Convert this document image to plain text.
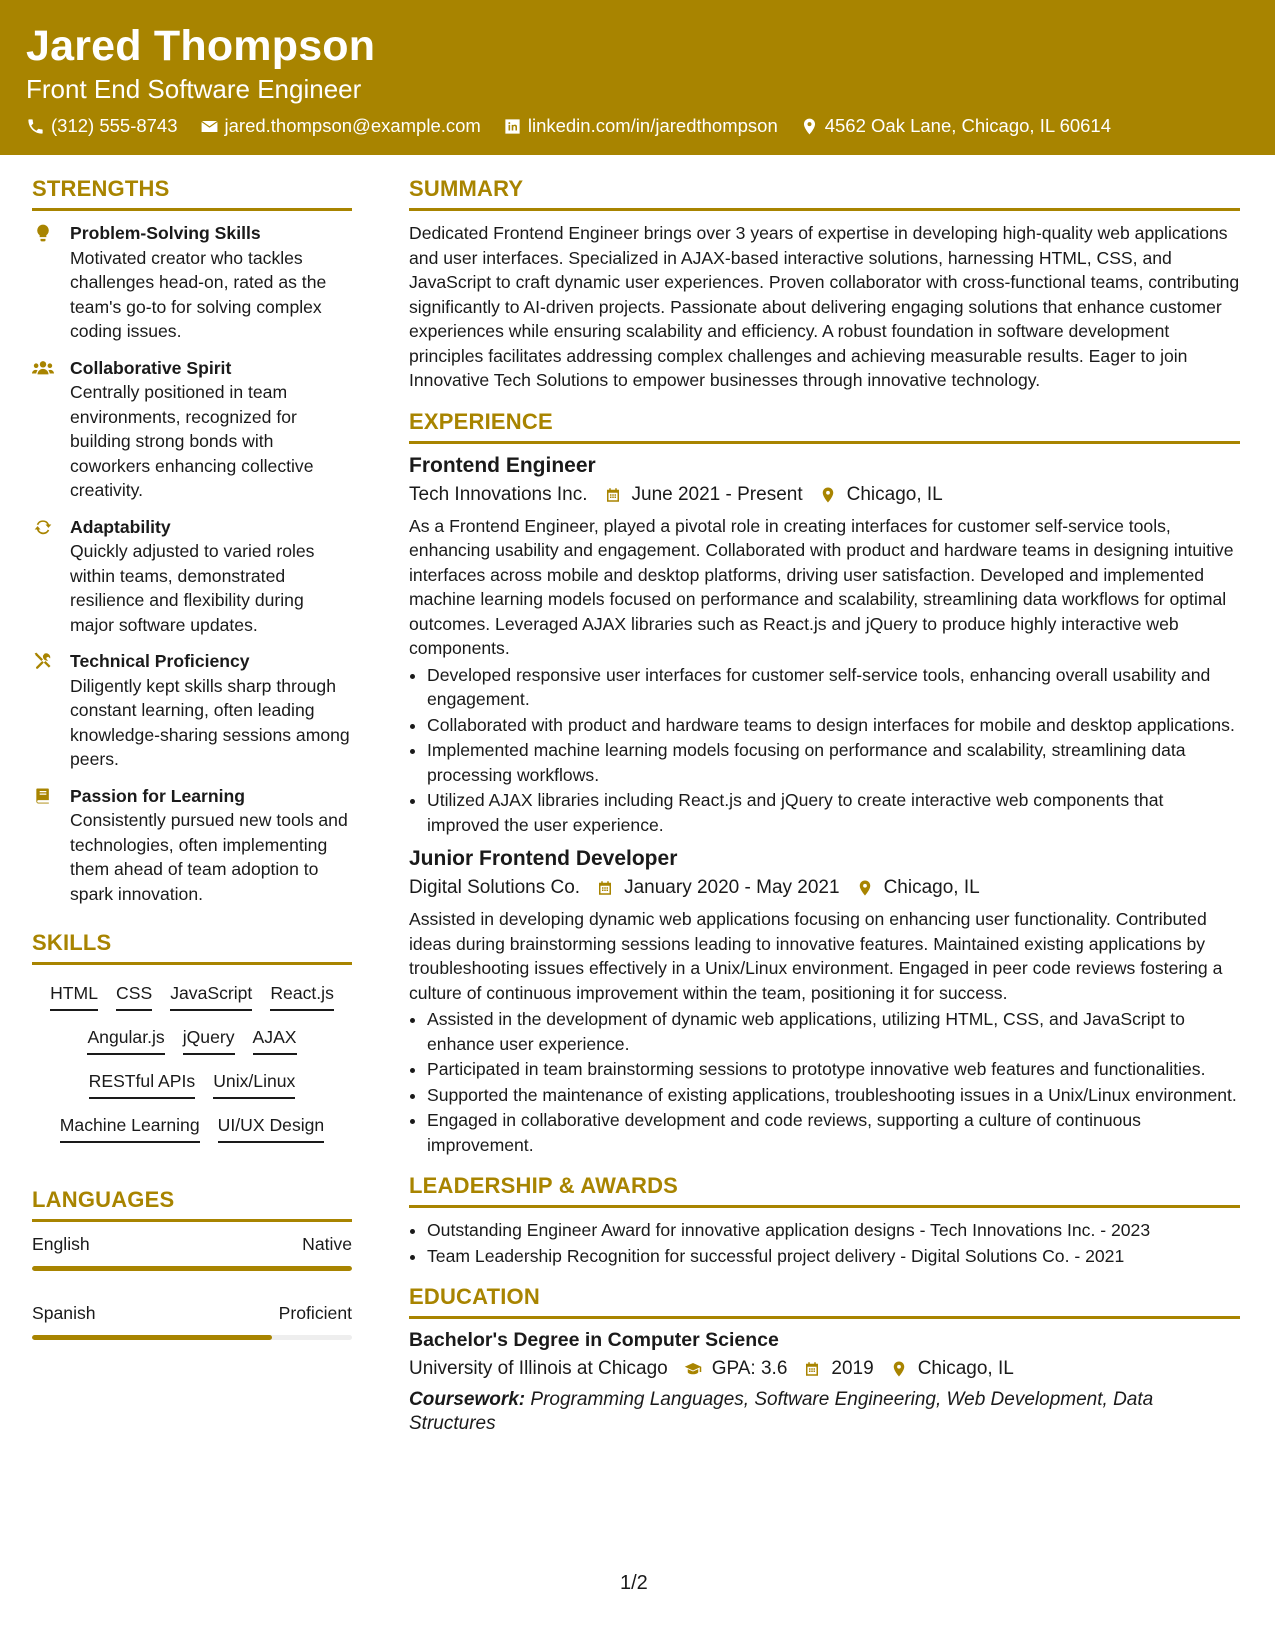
Jared Thompson
Front End Software Engineer
(312) 555-8743	jared.thompson@example.com	linkedin.com/in/jaredthompson	4562 Oak Lane, Chicago, IL 60614
STRENGTHS
Problem-Solving Skills
Motivated creator who tackles challenges head-on, rated as the team's go-to for solving complex coding issues.
Collaborative Spirit
Centrally positioned in team environments, recognized for building strong bonds with coworkers enhancing collective creativity.
Adaptability
Quickly adjusted to varied roles within teams, demonstrated resilience and flexibility during major software updates.
Technical Proficiency
Diligently kept skills sharp through constant learning, often leading knowledge-sharing sessions among peers.
Passion for Learning
Consistently pursued new tools and technologies, often implementing them ahead of team adoption to spark innovation.
SKILLS
HTML CSS JavaScript React.js
Angular.js jQuery AJAX
RESTful APIs Unix/Linux
Machine Learning UI/UX Design
LANGUAGES
English	Native
Spanish	Proficient
SUMMARY
Dedicated Frontend Engineer brings over 3 years of expertise in developing high-quality web applications and user interfaces. Specialized in AJAX-based interactive solutions, harnessing HTML, CSS, and JavaScript to craft dynamic user experiences. Proven collaborator with cross-functional teams, contributing significantly to AI-driven projects. Passionate about delivering engaging solutions that enhance customer experiences while ensuring scalability and efficiency. A robust foundation in software development principles facilitates addressing complex challenges and achieving measurable results. Eager to join Innovative Tech Solutions to empower businesses through innovative technology.
EXPERIENCE
Frontend Engineer
Tech Innovations Inc. June 2021 - Present Chicago, IL
As a Frontend Engineer, played a pivotal role in creating interfaces for customer self-service tools, enhancing usability and engagement. Collaborated with product and hardware teams in designing intuitive interfaces across mobile and desktop platforms, driving user satisfaction. Developed and implemented machine learning models focused on performance and scalability, streamlining data workflows for optimal outcomes. Leveraged AJAX libraries such as React.js and jQuery to produce highly interactive web components.
• Developed responsive user interfaces for customer self-service tools, enhancing overall usability and engagement.
• Collaborated with product and hardware teams to design interfaces for mobile and desktop applications.
• Implemented machine learning models focusing on performance and scalability, streamlining data processing workflows.
• Utilized AJAX libraries including React.js and jQuery to create interactive web components that improved the user experience.
Junior Frontend Developer
Digital Solutions Co. January 2020 - May 2021 Chicago, IL
Assisted in developing dynamic web applications focusing on enhancing user functionality. Contributed ideas during brainstorming sessions leading to innovative features. Maintained existing applications by troubleshooting issues effectively in a Unix/Linux environment. Engaged in peer code reviews fostering a culture of continuous improvement within the team, positioning it for success.
• Assisted in the development of dynamic web applications, utilizing HTML, CSS, and JavaScript to enhance user experience.
• Participated in team brainstorming sessions to prototype innovative web features and functionalities.
• Supported the maintenance of existing applications, troubleshooting issues in a Unix/Linux environment.
• Engaged in collaborative development and code reviews, supporting a culture of continuous improvement.
LEADERSHIP & AWARDS
• Outstanding Engineer Award for innovative application designs - Tech Innovations Inc. - 2023
• Team Leadership Recognition for successful project delivery - Digital Solutions Co. - 2021
EDUCATION
Bachelor's Degree in Computer Science
University of Illinois at Chicago GPA: 3.6 2019 Chicago, IL
Coursework: Programming Languages, Software Engineering, Web Development, Data Structures
1/2
